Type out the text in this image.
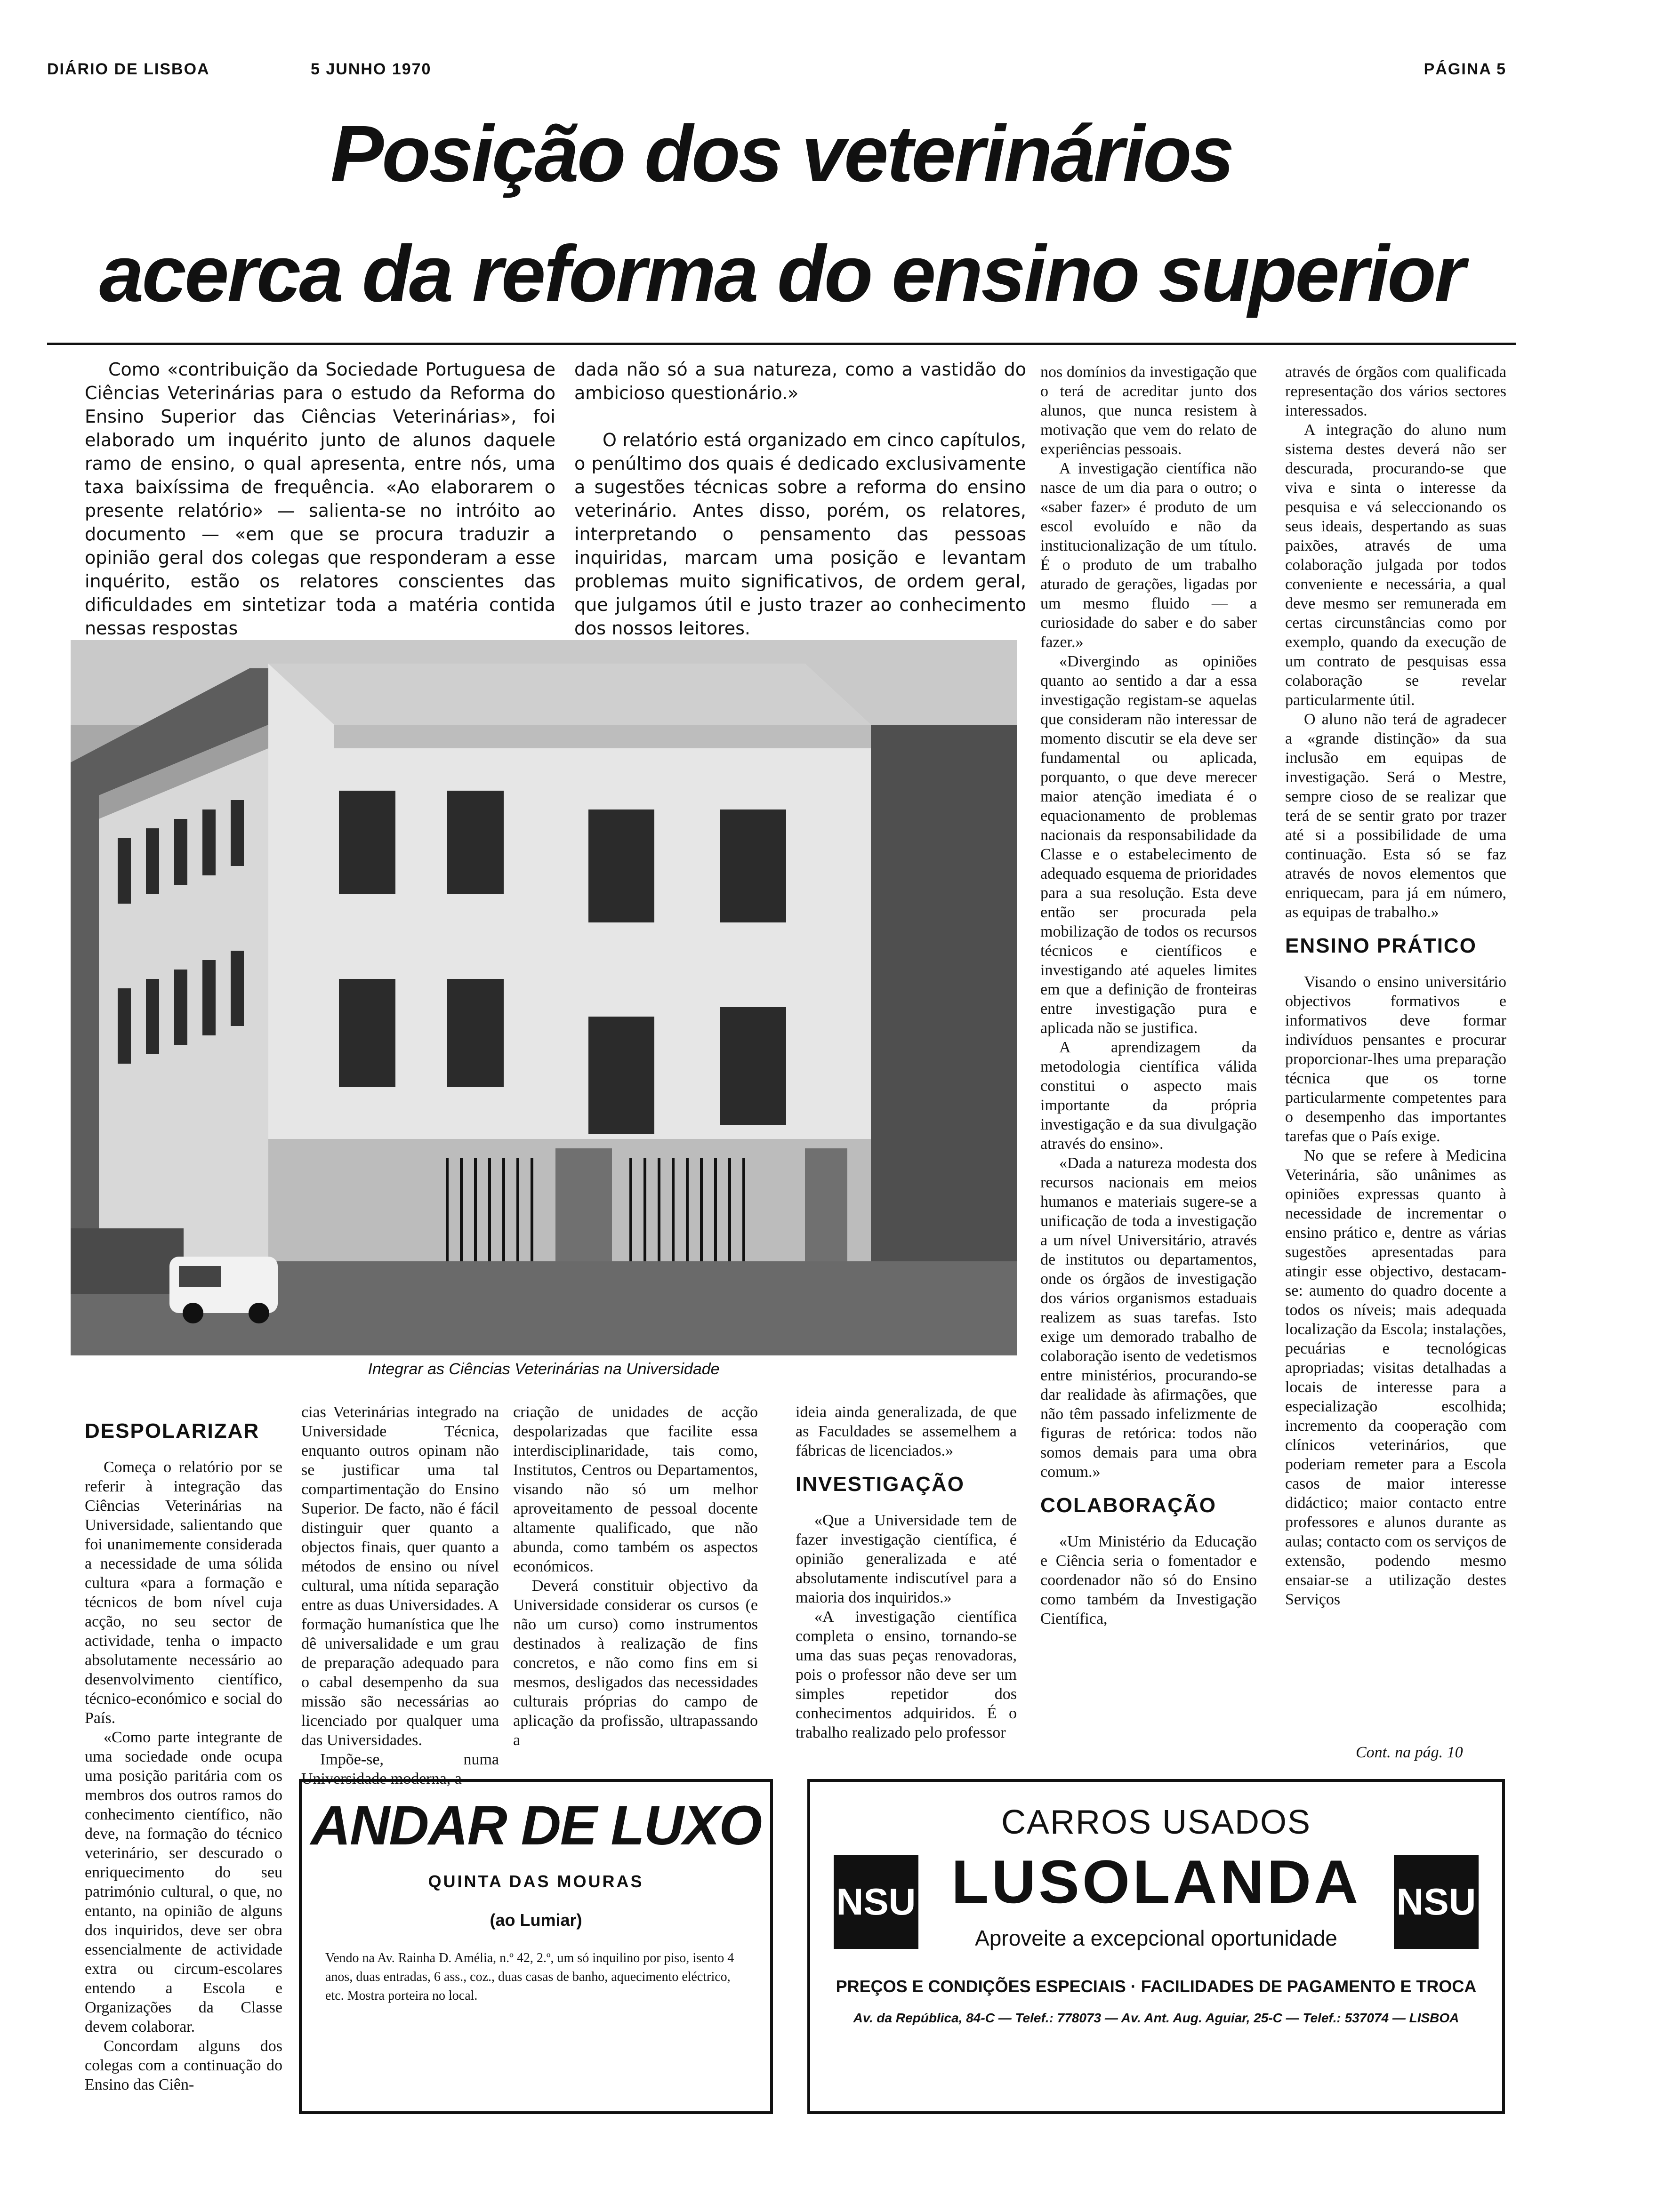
DIÁRIO DE LISBOA	5 JUNHO 1970	PÁGINA 5
Posição dos veterinários
acerca da reforma do ensino superior
Como «contribuição da Sociedade Portuguesa de Ciências Veterinárias para o estudo da Reforma do Ensino Superior das Ciências Veterinárias», foi elaborado um inquérito junto de alunos daquele ramo de ensino, o qual apresenta, entre nós, uma taxa baixíssima de frequência. «Ao elaborarem o presente relatório» — salienta-se no intróito ao documento — «em que se procura traduzir a opinião geral dos colegas que responderam a esse inquérito, estão os relatores conscientes das dificuldades em sintetizar toda a matéria contida nessas respostas

dada não só a sua natureza, como a vastidão do ambicioso questionário.»

O relatório está organizado em cinco capítulos, o penúltimo dos quais é dedicado exclusivamente a sugestões técnicas sobre a reforma do ensino veterinário. Antes disso, porém, os relatores, interpretando o pensamento das pessoas inquiridas, marcam uma posição e levantam problemas muito significativos, de ordem geral, que julgamos útil e justo trazer ao conhecimento dos nossos leitores.

Integrar as Ciências Veterinárias na Universidade
DESPOLARIZAR

Começa o relatório por se referir à integração das Ciências Veterinárias na Universidade, salientando que foi unanimemente considerada a necessidade de uma sólida cultura «para a formação e técnicos de bom nível cuja acção, no seu sector de actividade, tenha o impacto absolutamente necessário ao desenvolvimento científico, técnico-económico e social do País.

«Como parte integrante de uma sociedade onde ocupa uma posição paritária com os membros dos outros ramos do conhecimento científico, não deve, na formação do técnico veterinário, ser descurado o enriquecimento do seu património cultural, o que, no entanto, na opinião de alguns dos inquiridos, deve ser obra essencialmente de actividade extra ou circum-escolares entendo a Escola e Organizações da Classe devem colaborar.

Concordam alguns dos colegas com a continuação do Ensino das Ciên-

cias Veterinárias integrado na Universidade Técnica, enquanto outros opinam não se justificar uma tal compartimentação do Ensino Superior. De facto, não é fácil distinguir quer quanto a objectos finais, quer quanto a métodos de ensino ou nível cultural, uma nítida separação entre as duas Universidades. A formação humanística que lhe dê universalidade e um grau de preparação adequado para o cabal desempenho da sua missão são necessárias ao licenciado por qualquer uma das Universidades.

Impõe-se, numa Universidade moderna, a

criação de unidades de acção despolarizadas que facilite essa interdisciplinaridade, tais como, Institutos, Centros ou Departamentos, visando não só um melhor aproveitamento de pessoal docente altamente qualificado, que não abunda, como também os aspectos económicos.

Deverá constituir objectivo da Universidade considerar os cursos (e não um curso) como instrumentos destinados à realização de fins concretos, e não como fins em si mesmos, desligados das necessidades culturais próprias do campo de aplicação da profissão, ultrapassando a

ideia ainda generalizada, de que as Faculdades se assemelhem a fábricas de licenciados.»

INVESTIGAÇÃO

«Que a Universidade tem de fazer investigação científica, é opinião generalizada e até absolutamente indiscutível para a maioria dos inquiridos.»

«A investigação científica completa o ensino, tornando-se uma das suas peças renovadoras, pois o professor não deve ser um simples repetidor dos conhecimentos adquiridos. É o trabalho realizado pelo professor

nos domínios da investigação que o terá de acreditar junto dos alunos, que nunca resistem à motivação que vem do relato de experiências pessoais.

A investigação científica não nasce de um dia para o outro; o «saber fazer» é produto de um escol evoluído e não da institucionalização de um título. É o produto de um trabalho aturado de gerações, ligadas por um mesmo fluido — a curiosidade do saber e do saber fazer.»

«Divergindo as opiniões quanto ao sentido a dar a essa investigação registam-se aquelas que consideram não interessar de momento discutir se ela deve ser fundamental ou aplicada, porquanto, o que deve merecer maior atenção imediata é o equacionamento de problemas nacionais da responsabilidade da Classe e o estabelecimento de adequado esquema de prioridades para a sua resolução. Esta deve então ser procurada pela mobilização de todos os recursos técnicos e científicos e investigando até aqueles limites em que a definição de fronteiras entre investigação pura e aplicada não se justifica.

A aprendizagem da metodologia científica válida constitui o aspecto mais importante da própria investigação e da sua divulgação através do ensino».

«Dada a natureza modesta dos recursos nacionais em meios humanos e materiais sugere-se a unificação de toda a investigação a um nível Universitário, através de institutos ou departamentos, onde os órgãos de investigação dos vários organismos estaduais realizem as suas tarefas. Isto exige um demorado trabalho de colaboração isento de vedetismos entre ministérios, procurando-se dar realidade às afirmações, que não têm passado infelizmente de figuras de retórica: todos não somos demais para uma obra comum.»

COLABORAÇÃO

«Um Ministério da Educação e Ciência seria o fomentador e coordenador não só do Ensino como também da Investigação Científica,

através de órgãos com qualificada representação dos vários sectores interessados.

A integração do aluno num sistema destes deverá não ser descurada, procurando-se que viva e sinta o interesse da pesquisa e vá seleccionando os seus ideais, despertando as suas paixões, através de uma colaboração julgada por todos conveniente e necessária, a qual deve mesmo ser remunerada em certas circunstâncias como por exemplo, quando da execução de um contrato de pesquisas essa colaboração se revelar particularmente útil.

O aluno não terá de agradecer a «grande distinção» da sua inclusão em equipas de investigação. Será o Mestre, sempre cioso de se realizar que terá de se sentir grato por trazer até si a possibilidade de uma continuação. Esta só se faz através de novos elementos que enriquecam, para já em número, as equipas de trabalho.»

ENSINO PRÁTICO

Visando o ensino universitário objectivos formativos e informativos deve formar indivíduos pensantes e procurar proporcionar-lhes uma preparação técnica que os torne particularmente competentes para o desempenho das importantes tarefas que o País exige.

No que se refere à Medicina Veterinária, são unânimes as opiniões expressas quanto à necessidade de incrementar o ensino prático e, dentre as várias sugestões apresentadas para atingir esse objectivo, destacam-se: aumento do quadro docente a todos os níveis; mais adequada localização da Escola; instalações, pecuárias e tecnológicas apropriadas; visitas detalhadas a locais de interesse para a especialização escolhida; incremento da cooperação com clínicos veterinários, que poderiam remeter para a Escola casos de maior interesse didáctico; maior contacto entre professores e alunos durante as aulas; contacto com os serviços de extensão, podendo mesmo ensaiar-se a utilização destes Serviços

Cont. na pág. 10
ANDAR DE LUXO
QUINTA DAS MOURAS
(ao Lumiar)
Vendo na Av. Rainha D. Amélia, n.º 42, 2.º, um só inquilino por piso, isento 4 anos, duas entradas, 6 ass., coz., duas casas de banho, aquecimento eléctrico, etc. Mostra porteira no local.
NSU	NSU
CARROS USADOS
LUSOLANDA
Aproveite a excepcional oportunidade
PREÇOS E CONDIÇÕES ESPECIAIS · FACILIDADES DE PAGAMENTO E TROCA
Av. da República, 84-C — Telef.: 778073 — Av. Ant. Aug. Aguiar, 25-C — Telef.: 537074 — LISBOA
